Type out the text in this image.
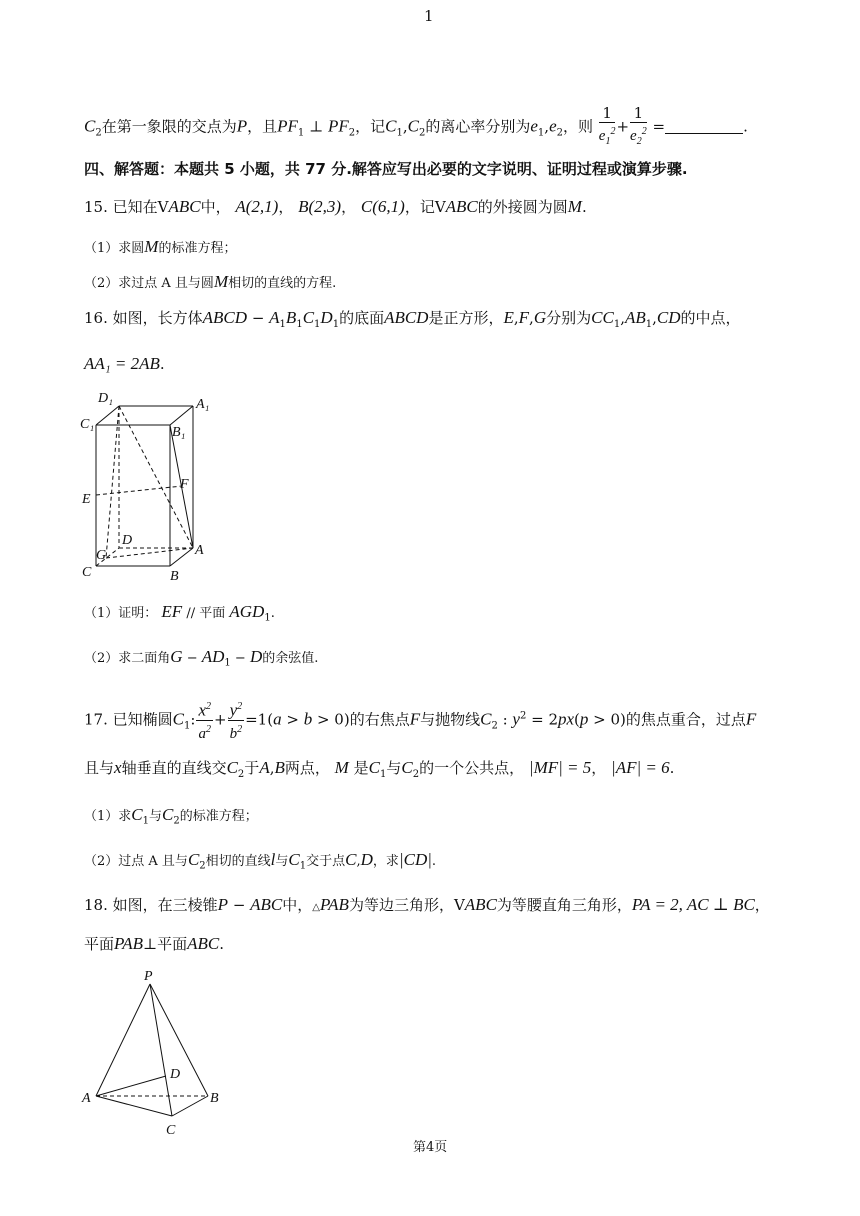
1
$C_2$在第一象限的交点为P，且$PF_1$ ⊥ $PF_2$，记$C_1,C_2$的离心率分别为$e_1,e_2$，则 $\frac{1}{e_1^2} + \frac{1}{e_2^2}$ =	.
四、解答题：本题共 5 小题，共 77 分.解答应写出必要的文字说明、证明过程或演算步骤.
15. 已知在VABC中， A(2,1)， B(2,3)， C(6,1)，记VABC的外接圆为圆M.
（1）求圆M的标准方程；
（2）求过点 A 且与圆M相切的直线的方程.
16. 如图，长方体ABCD − $A_1B_1C_1D_1$的底面ABCD是正方形，E,F,G分别为$CC_1,AB_1,CD$的中点，
AA₁ = 2AB.
D₁	A₁
C₁
B₁
E
F
D
G	A
C	B
（1）证明： EF // 平面 $AGD_1$.
（2）求二面角$G - AD_1 - D$的余弦值.
17. 已知椭圆$C_1$: $\frac{x^2}{a^2} + \frac{y^2}{b^2} =1(a > b > 0)$的右焦点F与抛物线$C_2$ : $y^2 = 2px(p > 0)$的焦点重合，过点F
且与x轴垂直的直线交$C_2$于A,B两点， M 是$C_1$与$C_2$的一个公共点， |MF| = 5， |AF| = 6.
（1）求$C_1$与$C_2$的标准方程；
（2）过点 A 且与$C_2$相切的直线l与$C_1$交于点C,D，求|CD|.
18. 如图，在三棱锥P − ABC中，△PAB为等边三角形，VABC为等腰直角三角形，PA = 2, AC ⊥ BC，
平面PAB⊥平面ABC.
P
D
A	B
C
第4页
